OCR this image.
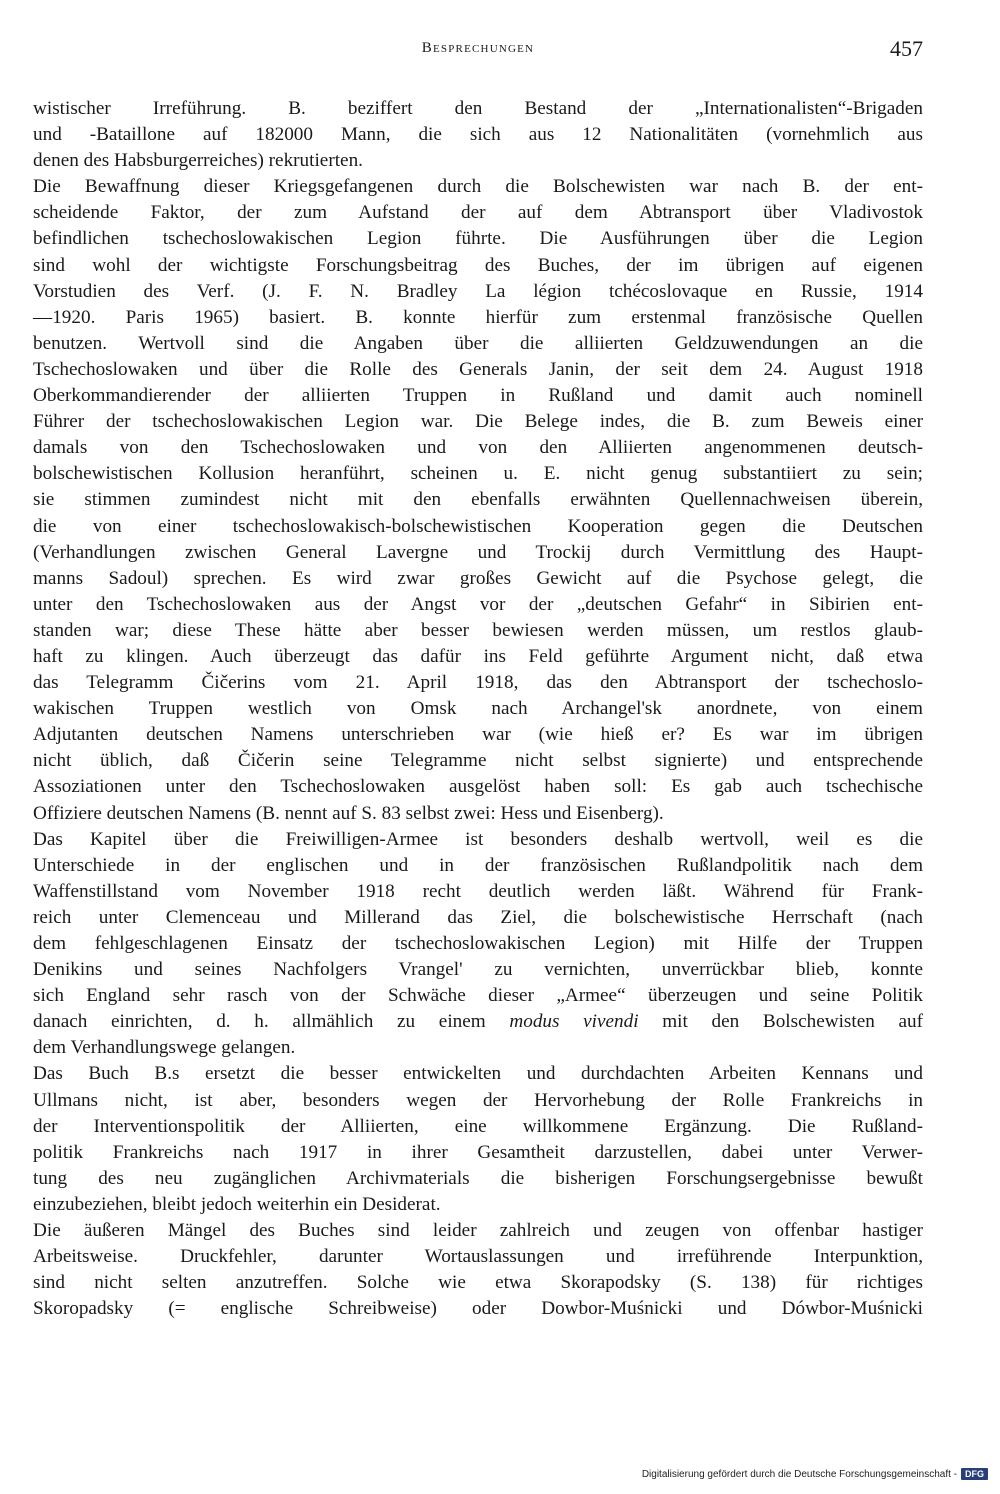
Besprechungen	457
wistischer Irreführung. B. beziffert den Bestand der „Internationalisten“-Brigaden
und -Bataillone auf 182000 Mann, die sich aus 12 Nationalitäten (vornehmlich aus
denen des Habsburgerreiches) rekrutierten.
Die Bewaffnung dieser Kriegsgefangenen durch die Bolschewisten war nach B. der ent-
scheidende Faktor, der zum Aufstand der auf dem Abtransport über Vladivostok
befindlichen tschechoslowakischen Legion führte. Die Ausführungen über die Legion
sind wohl der wichtigste Forschungsbeitrag des Buches, der im übrigen auf eigenen
Vorstudien des Verf. (J. F. N. Bradley La légion tchécoslovaque en Russie, 1914
—1920. Paris 1965) basiert. B. konnte hierfür zum erstenmal französische Quellen
benutzen. Wertvoll sind die Angaben über die alliierten Geldzuwendungen an die
Tschechoslowaken und über die Rolle des Generals Janin, der seit dem 24. August 1918
Oberkommandierender der alliierten Truppen in Rußland und damit auch nominell
Führer der tschechoslowakischen Legion war. Die Belege indes, die B. zum Beweis einer
damals von den Tschechoslowaken und von den Alliierten angenommenen deutsch-
bolschewistischen Kollusion heranführt, scheinen u. E. nicht genug substantiiert zu sein;
sie stimmen zumindest nicht mit den ebenfalls erwähnten Quellennachweisen überein,
die von einer tschechoslowakisch-bolschewistischen Kooperation gegen die Deutschen
(Verhandlungen zwischen General Lavergne und Trockij durch Vermittlung des Haupt-
manns Sadoul) sprechen. Es wird zwar großes Gewicht auf die Psychose gelegt, die
unter den Tschechoslowaken aus der Angst vor der „deutschen Gefahr“ in Sibirien ent-
standen war; diese These hätte aber besser bewiesen werden müssen, um restlos glaub-
haft zu klingen. Auch überzeugt das dafür ins Feld geführte Argument nicht, daß etwa
das Telegramm Čičerins vom 21. April 1918, das den Abtransport der tschechoslo-
wakischen Truppen westlich von Omsk nach Archangel'sk anordnete, von einem
Adjutanten deutschen Namens unterschrieben war (wie hieß er? Es war im übrigen
nicht üblich, daß Čičerin seine Telegramme nicht selbst signierte) und entsprechende
Assoziationen unter den Tschechoslowaken ausgelöst haben soll: Es gab auch tschechische
Offiziere deutschen Namens (B. nennt auf S. 83 selbst zwei: Hess und Eisenberg).
Das Kapitel über die Freiwilligen-Armee ist besonders deshalb wertvoll, weil es die
Unterschiede in der englischen und in der französischen Rußlandpolitik nach dem
Waffenstillstand vom November 1918 recht deutlich werden läßt. Während für Frank-
reich unter Clemenceau und Millerand das Ziel, die bolschewistische Herrschaft (nach
dem fehlgeschlagenen Einsatz der tschechoslowakischen Legion) mit Hilfe der Truppen
Denikins und seines Nachfolgers Vrangel' zu vernichten, unverrückbar blieb, konnte
sich England sehr rasch von der Schwäche dieser „Armee“ überzeugen und seine Politik
danach einrichten, d. h. allmählich zu einem modus vivendi mit den Bolschewisten auf
dem Verhandlungswege gelangen.
Das Buch B.s ersetzt die besser entwickelten und durchdachten Arbeiten Kennans und
Ullmans nicht, ist aber, besonders wegen der Hervorhebung der Rolle Frankreichs in
der Interventionspolitik der Alliierten, eine willkommene Ergänzung. Die Rußland-
politik Frankreichs nach 1917 in ihrer Gesamtheit darzustellen, dabei unter Verwer-
tung des neu zugänglichen Archivmaterials die bisherigen Forschungsergebnisse bewußt
einzubeziehen, bleibt jedoch weiterhin ein Desiderat.
Die äußeren Mängel des Buches sind leider zahlreich und zeugen von offenbar hastiger
Arbeitsweise. Druckfehler, darunter Wortauslassungen und irreführende Interpunktion,
sind nicht selten anzutreffen. Solche wie etwa Skorapodsky (S. 138) für richtiges
Skoropadsky (= englische Schreibweise) oder Dowbor-Muśnicki und Dówbor-Muśnicki
Digitalisierung gefördert durch die Deutsche Forschungsgemeinschaft - DFG
